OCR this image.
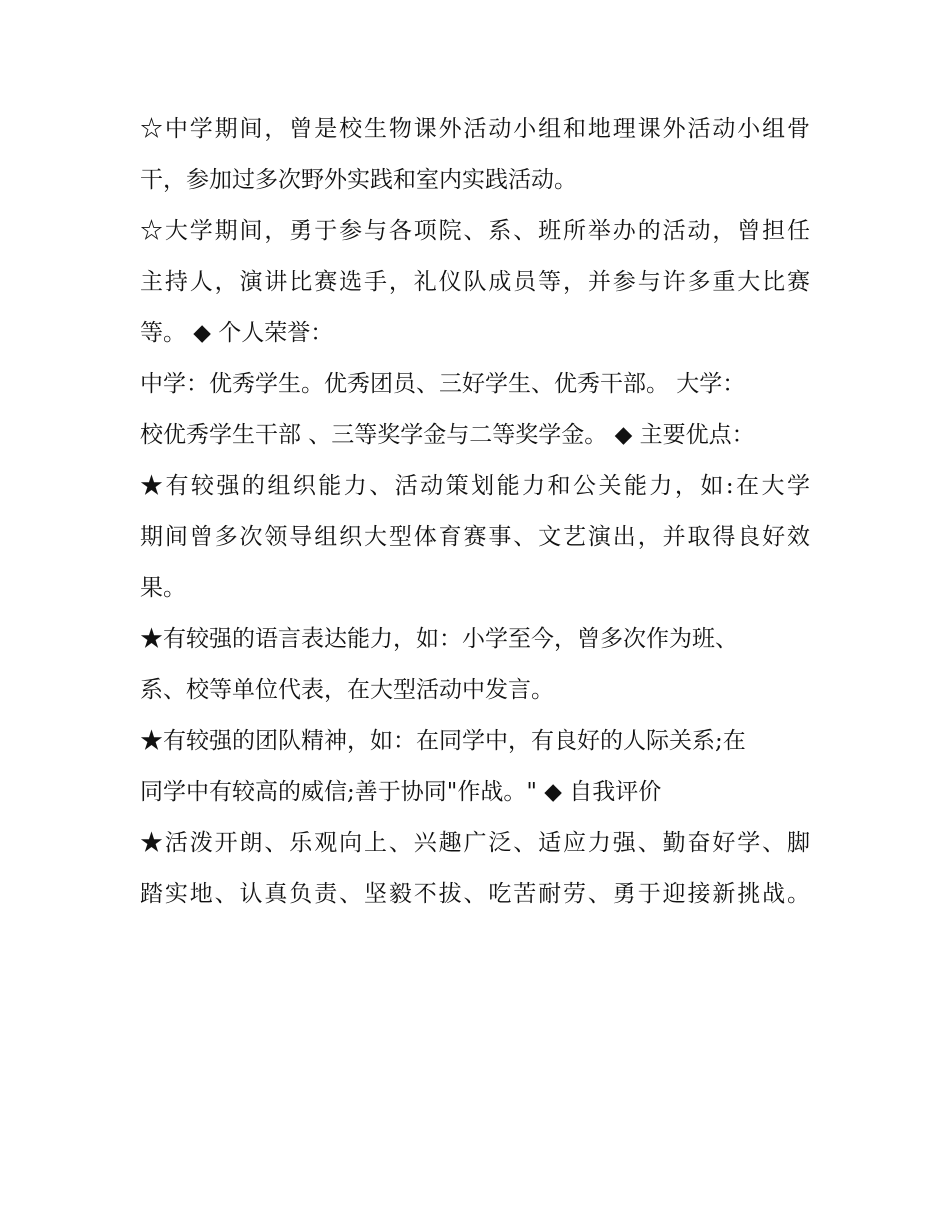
☆中学期间，曾是校生物课外活动小组和地理课外活动小组骨
干，参加过多次野外实践和室内实践活动。
☆大学期间，勇于参与各项院、系、班所举办的活动，曾担任
主持人，演讲比赛选手，礼仪队成员等，并参与许多重大比赛
等。 ◆ 个人荣誉：
中学：优秀学生。优秀团员、三好学生、优秀干部。 大学：
校优秀学生干部 、三等奖学金与二等奖学金。 ◆ 主要优点：
★有较强的组织能力、活动策划能力和公关能力，如:在大学
期间曾多次领导组织大型体育赛事、文艺演出，并取得良好效
果。
★有较强的语言表达能力，如：小学至今，曾多次作为班、
系、校等单位代表，在大型活动中发言。
★有较强的团队精神，如：在同学中，有良好的人际关系;在
同学中有较高的威信;善于协同"作战。" ◆ 自我评价
★活泼开朗、乐观向上、兴趣广泛、适应力强、勤奋好学、脚
踏实地、认真负责、坚毅不拔、吃苦耐劳、勇于迎接新挑战。
